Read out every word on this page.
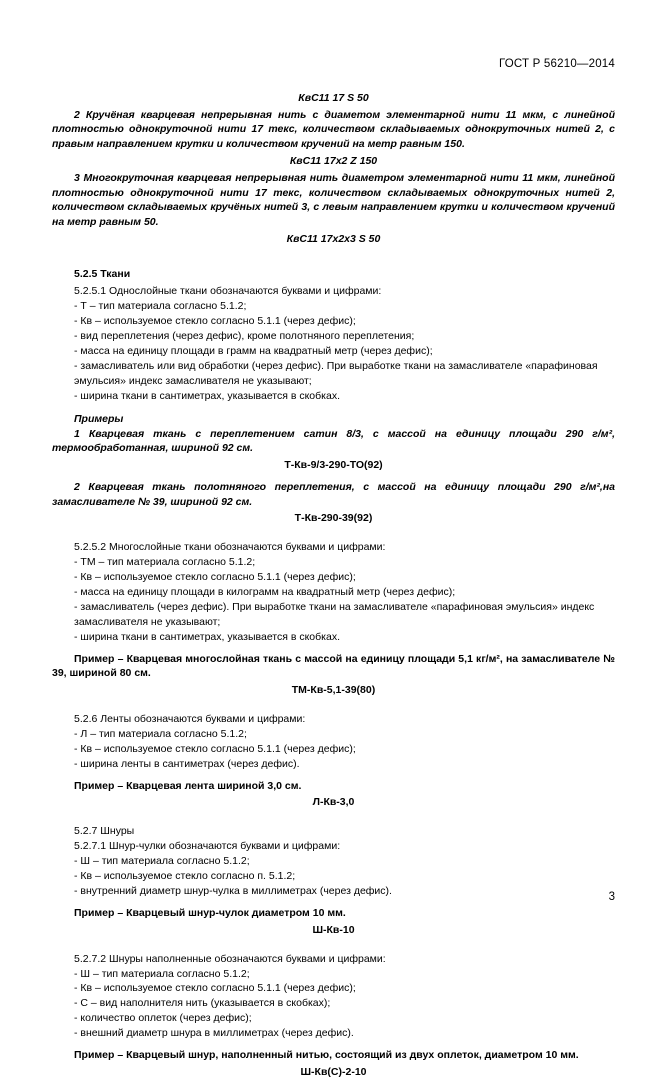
ГОСТ Р 56210—2014
КвС11 17 S 50

2 Кручёная кварцевая непрерывная нить с диаметом элементарной нити 11 мкм, с линейной плотностью однокруточной нити 17 текс, количеством складываемых однокруточных нитей 2, с правым направлением крутки и количеством кручений на метр равным 150.

КвС11 17х2 Z 150

3 Многокруточная кварцевая непрерывная нить диаметром элементарной нити 11 мкм, линейной плотностью однокруточной нити 17 текс, количеством складываемых однокруточных нитей 2, количеством складываемых кручёных нитей 3, с левым направлением крутки и количеством кручений на метр равным 50.

КвС11 17х2х3 S 50
5.2.5 Ткани
5.2.5.1 Однослойные ткани обозначаются буквами и цифрами:
- Т – тип материала согласно 5.1.2;
- Кв – используемое стекло согласно 5.1.1 (через дефис);
- вид переплетения (через дефис), кроме полотняного переплетения;
- масса на единицу площади в грамм на квадратный метр (через дефис);
- замасливатель или вид обработки (через дефис). При выработке ткани на замасливателе «парафиновая эмульсия» индекс замасливателя не указывают;
- ширина ткани в сантиметрах, указывается в скобках.
Примеры

1 Кварцевая ткань с переплетением сатин 8/3, с массой на единицу площади 290 г/м², термообработанная, шириной 92 см.

Т-Кв-9/3-290-ТО(92)

2 Кварцевая ткань полотняного переплетения, с массой на единицу площади 290 г/м²,на замасливателе № 39, шириной 92 см.

Т-Кв-290-39(92)
5.2.5.2 Многослойные ткани обозначаются буквами и цифрами:
- ТМ – тип материала согласно 5.1.2;
- Кв – используемое стекло согласно 5.1.1 (через дефис);
- масса на единицу площади в килограмм на квадратный метр (через дефис);
- замасливатель (через дефис). При выработке ткани на замасливателе «парафиновая эмульсия» индекс замасливателя не указывают;
- ширина ткани в сантиметрах, указывается в скобках.

Пример – Кварцевая многослойная ткань с массой на единицу площади 5,1 кг/м², на замасливателе № 39, шириной 80 см.

ТМ-Кв-5,1-39(80)
5.2.6 Ленты обозначаются буквами и цифрами:
- Л – тип материала согласно 5.1.2;
- Кв – используемое стекло согласно 5.1.1 (через дефис);
- ширина ленты в сантиметрах (через дефис).
Пример – Кварцевая лента шириной 3,0 см.
Л-Кв-3,0
5.2.7 Шнуры
5.2.7.1 Шнур-чулки обозначаются буквами и цифрами:
- Ш – тип материала согласно 5.1.2;
- Кв – используемое стекло согласно п. 5.1.2;
- внутренний диаметр шнур-чулка в миллиметрах (через дефис).
Пример – Кварцевый шнур-чулок диаметром 10 мм.
Ш-Кв-10
5.2.7.2 Шнуры наполненные обозначаются буквами и цифрами:
- Ш – тип материала согласно 5.1.2;
- Кв – используемое стекло согласно 5.1.1 (через дефис);
- С – вид наполнителя нить (указывается в скобках);
- количество оплеток (через дефис);
- внешний диаметр шнура в миллиметрах (через дефис).
Пример – Кварцевый шнур, наполненный нитью, состоящий из двух оплеток, диаметром 10 мм.
Ш-Кв(С)-2-10
3
